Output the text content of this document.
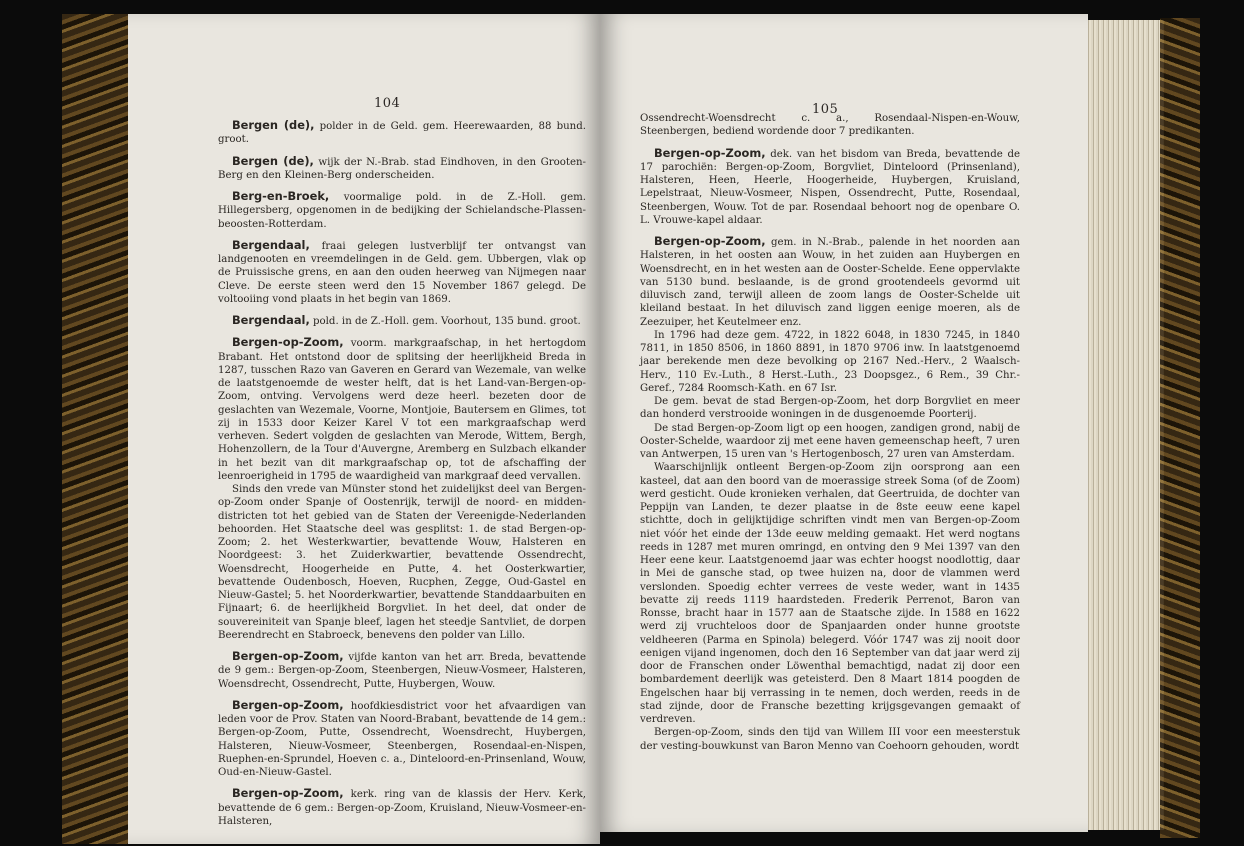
104
Bergen (de), polder in de Geld. gem. Heerewaarden, 88 bund. groot.
Bergen (de), wijk der N.-Brab. stad Eindhoven, in den Grooten-Berg en den Kleinen-Berg onderscheiden.
Berg-en-Broek, voormalige pold. in de Z.-Holl. gem. Hillegersberg, opgenomen in de bedijking der Schielandsche-Plassen-beoosten-Rotterdam.
Bergendaal, fraai gelegen lustverblijf ter ontvangst van landgenooten en vreemdelingen in de Geld. gem. Ubbergen, vlak op de Pruissische grens, en aan den ouden heerweg van Nijmegen naar Cleve. De eerste steen werd den 15 November 1867 gelegd. De voltooiing vond plaats in het begin van 1869.
Bergendaal, pold. in de Z.-Holl. gem. Voorhout, 135 bund. groot.
Bergen-op-Zoom, voorm. markgraafschap, in het hertogdom Brabant. Het ontstond door de splitsing der heerlijkheid Breda in 1287, tusschen Razo van Gaveren en Gerard van Wezemale, van welke de laatstgenoemde de wester helft, dat is het Land-van-Bergen-op-Zoom, ontving. Vervolgens werd deze heerl. bezeten door de geslachten van Wezemale, Voorne, Montjoie, Bautersem en Glimes, tot zij in 1533 door Keizer Karel V tot een markgraafschap werd verheven. Sedert volgden de geslachten van Merode, Wittem, Bergh, Hohenzollern, de la Tour d'Auvergne, Aremberg en Sulzbach elkander in het bezit van dit markgraafschap op, tot de afschaffing der leenroerigheid in 1795 de waardigheid van markgraaf deed vervallen.

Sinds den vrede van Münster stond het zuidelijkst deel van Bergen-op-Zoom onder Spanje of Oostenrijk, terwijl de noord- en midden-districten tot het gebied van de Staten der Vereenigde-Nederlanden behoorden. Het Staatsche deel was gesplitst: 1. de stad Bergen-op-Zoom; 2. het Westerkwartier, bevattende Wouw, Halsteren en Noordgeest: 3. het Zuiderkwartier, bevattende Ossendrecht, Woensdrecht, Hoogerheide en Putte, 4. het Oosterkwartier, bevattende Oudenbosch, Hoeven, Rucphen, Zegge, Oud-Gastel en Nieuw-Gastel; 5. het Noorderkwartier, bevattende Standdaarbuiten en Fijnaart; 6. de heerlijkheid Borgvliet. In het deel, dat onder de souvereiniteit van Spanje bleef, lagen het steedje Santvliet, de dorpen Beerendrecht en Stabroeck, benevens den polder van Lillo.

Bergen-op-Zoom, vijfde kanton van het arr. Breda, bevattende de 9 gem.: Bergen-op-Zoom, Steenbergen, Nieuw-Vosmeer, Halsteren, Woensdrecht, Ossendrecht, Putte, Huybergen, Wouw.
Bergen-op-Zoom, hoofdkiesdistrict voor het afvaardigen van leden voor de Prov. Staten van Noord-Brabant, bevattende de 14 gem.: Bergen-op-Zoom, Putte, Ossendrecht, Woensdrecht, Huybergen, Halsteren, Nieuw-Vosmeer, Steenbergen, Rosendaal-en-Nispen, Ruephen-en-Sprundel, Hoeven c. a., Dinteloord-en-Prinsenland, Wouw, Oud-en-Nieuw-Gastel.
Bergen-op-Zoom, kerk. ring van de klassis der Herv. Kerk, bevattende de 6 gem.: Bergen-op-Zoom, Kruisland, Nieuw-Vosmeer-en-Halsteren,
105
Ossendrecht-Woensdrecht c. a., Rosendaal-Nispen-en-Wouw, Steenbergen, bediend wordende door 7 predikanten.
Bergen-op-Zoom, dek. van het bisdom van Breda, bevattende de 17 parochiën: Bergen-op-Zoom, Borgvliet, Dinteloord (Prinsenland), Halsteren, Heen, Heerle, Hoogerheide, Huybergen, Kruisland, Lepelstraat, Nieuw-Vosmeer, Nispen, Ossendrecht, Putte, Rosendaal, Steenbergen, Wouw. Tot de par. Rosendaal behoort nog de openbare O. L. Vrouwe-kapel aldaar.
Bergen-op-Zoom, gem. in N.-Brab., palende in het noorden aan Halsteren, in het oosten aan Wouw, in het zuiden aan Huybergen en Woensdrecht, en in het westen aan de Ooster-Schelde. Eene oppervlakte van 5130 bund. beslaande, is de grond grootendeels gevormd uit diluvisch zand, terwijl alleen de zoom langs de Ooster-Schelde uit kleiland bestaat. In het diluvisch zand liggen eenige moeren, als de Zeezuiper, het Keutelmeer enz.

In 1796 had deze gem. 4722, in 1822 6048, in 1830 7245, in 1840 7811, in 1850 8506, in 1860 8891, in 1870 9706 inw. In laatstgenoemd jaar berekende men deze bevolking op 2167 Ned.-Herv., 2 Waalsch-Herv., 110 Ev.-Luth., 8 Herst.-Luth., 23 Doopsgez., 6 Rem., 39 Chr.-Geref., 7284 Roomsch-Kath. en 67 Isr.

De gem. bevat de stad Bergen-op-Zoom, het dorp Borgvliet en meer dan honderd verstrooide woningen in de dusgenoemde Poorterij.

De stad Bergen-op-Zoom ligt op een hoogen, zandigen grond, nabij de Ooster-Schelde, waardoor zij met eene haven gemeenschap heeft, 7 uren van Antwerpen, 15 uren van 's Hertogenbosch, 27 uren van Amsterdam.

Waarschijnlijk ontleent Bergen-op-Zoom zijn oorsprong aan een kasteel, dat aan den boord van de moerassige streek Soma (of de Zoom) werd gesticht. Oude kronieken verhalen, dat Geertruida, de dochter van Peppijn van Landen, te dezer plaatse in de 8ste eeuw eene kapel stichtte, doch in gelijktijdige schriften vindt men van Bergen-op-Zoom niet vóór het einde der 13de eeuw melding gemaakt. Het werd nogtans reeds in 1287 met muren omringd, en ontving den 9 Mei 1397 van den Heer eene keur. Laatstgenoemd jaar was echter hoogst noodlottig, daar in Mei de gansche stad, op twee huizen na, door de vlammen werd verslonden. Spoedig echter verrees de veste weder, want in 1435 bevatte zij reeds 1119 haardsteden. Frederik Perrenot, Baron van Ronsse, bracht haar in 1577 aan de Staatsche zijde. In 1588 en 1622 werd zij vruchteloos door de Spanjaarden onder hunne grootste veldheeren (Parma en Spinola) belegerd. Vóór 1747 was zij nooit door eenigen vijand ingenomen, doch den 16 September van dat jaar werd zij door de Franschen onder Löwenthal bemachtigd, nadat zij door een bombardement deerlijk was geteisterd. Den 8 Maart 1814 poogden de Engelschen haar bij verrassing in te nemen, doch werden, reeds in de stad zijnde, door de Fransche bezetting krijgsgevangen gemaakt of verdreven.

Bergen-op-Zoom, sinds den tijd van Willem III voor een meesterstuk der vesting-bouwkunst van Baron Menno van Coehoorn gehouden, wordt
